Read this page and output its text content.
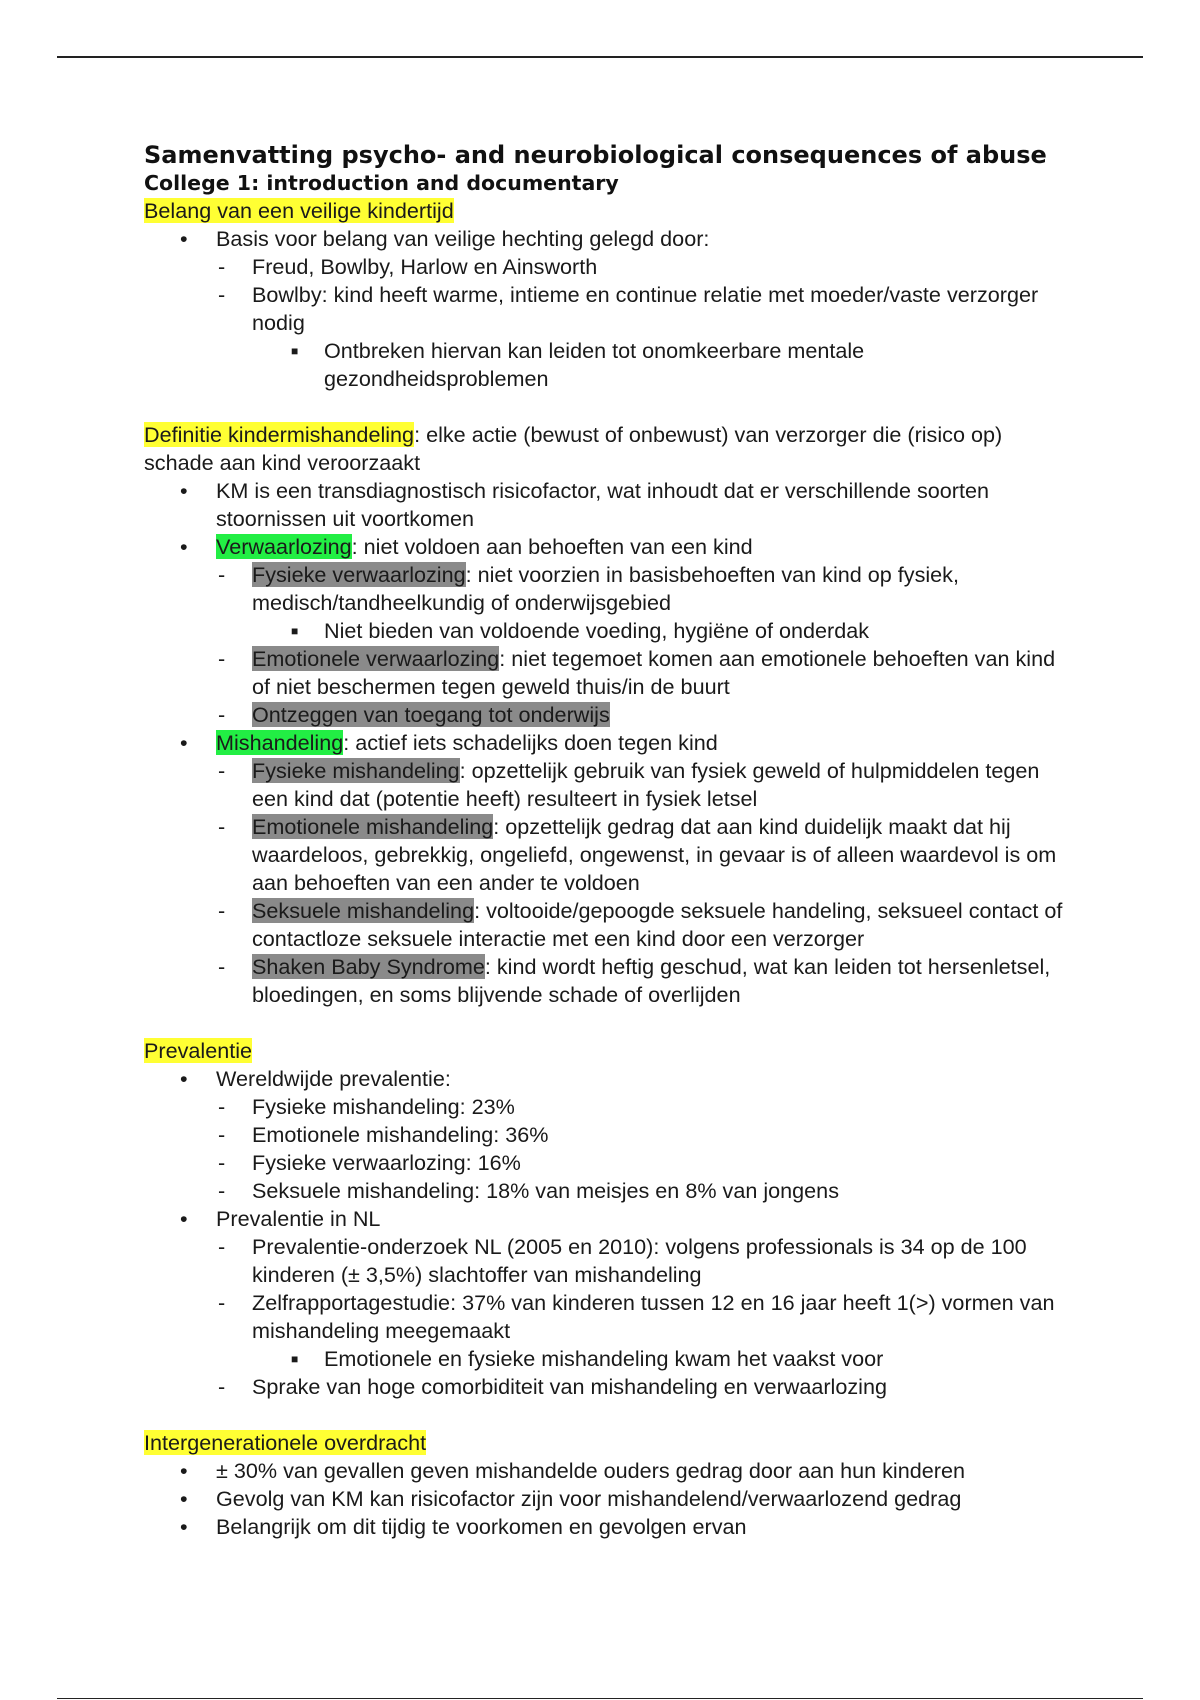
Samenvatting psycho- and neurobiological consequences of abuse
College 1: introduction and documentary

Belang van een veilige kindertijd

• Basis voor belang van veilige hechting gelegd door:
- Freud, Bowlby, Harlow en Ainsworth
- Bowlby: kind heeft warme, intieme en continue relatie met moeder/vaste verzorger nodig
■ Ontbreken hiervan kan leiden tot onomkeerbare mentale gezondheidsproblemen

Definitie kindermishandeling: elke actie (bewust of onbewust) van verzorger die (risico op) schade aan kind veroorzaakt

• KM is een transdiagnostisch risicofactor, wat inhoudt dat er verschillende soorten stoornissen uit voortkomen
• Verwaarlozing: niet voldoen aan behoeften van een kind
- Fysieke verwaarlozing: niet voorzien in basisbehoeften van kind op fysiek, medisch/tandheelkundig of onderwijsgebied
■ Niet bieden van voldoende voeding, hygiëne of onderdak
- Emotionele verwaarlozing: niet tegemoet komen aan emotionele behoeften van kind of niet beschermen tegen geweld thuis/in de buurt
- Ontzeggen van toegang tot onderwijs
• Mishandeling: actief iets schadelijks doen tegen kind
- Fysieke mishandeling: opzettelijk gebruik van fysiek geweld of hulpmiddelen tegen een kind dat (potentie heeft) resulteert in fysiek letsel
- Emotionele mishandeling: opzettelijk gedrag dat aan kind duidelijk maakt dat hij waardeloos, gebrekkig, ongeliefd, ongewenst, in gevaar is of alleen waardevol is om aan behoeften van een ander te voldoen
- Seksuele mishandeling: voltooide/gepoogde seksuele handeling, seksueel contact of contactloze seksuele interactie met een kind door een verzorger
- Shaken Baby Syndrome: kind wordt heftig geschud, wat kan leiden tot hersenletsel, bloedingen, en soms blijvende schade of overlijden

Prevalentie

• Wereldwijde prevalentie:
- Fysieke mishandeling: 23%
- Emotionele mishandeling: 36%
- Fysieke verwaarlozing: 16%
- Seksuele mishandeling: 18% van meisjes en 8% van jongens
• Prevalentie in NL
- Prevalentie-onderzoek NL (2005 en 2010): volgens professionals is 34 op de 100 kinderen (± 3,5%) slachtoffer van mishandeling
- Zelfrapportagestudie: 37% van kinderen tussen 12 en 16 jaar heeft 1(>) vormen van mishandeling meegemaakt
■ Emotionele en fysieke mishandeling kwam het vaakst voor
- Sprake van hoge comorbiditeit van mishandeling en verwaarlozing

Intergenerationele overdracht

• ± 30% van gevallen geven mishandelde ouders gedrag door aan hun kinderen
• Gevolg van KM kan risicofactor zijn voor mishandelend/verwaarlozend gedrag
• Belangrijk om dit tijdig te voorkomen en gevolgen ervan
